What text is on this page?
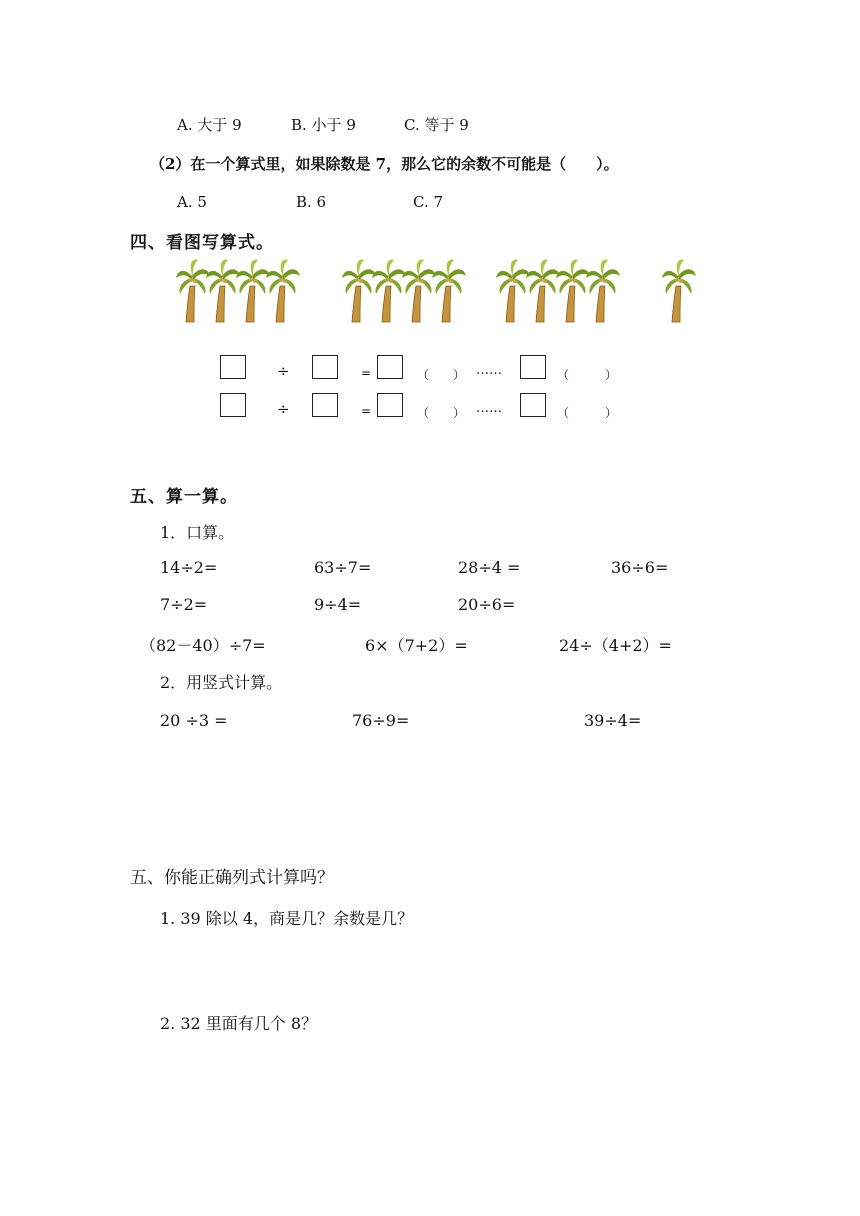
A. 大于 9	B. 小于 9	C. 等于 9
（2）在一个算式里，如果除数是 7，那么它的余数不可能是（　　）。
A. 5	B. 6	C. 7
四、看图写算式。
÷	=	（　　） ……	（　　　）
÷	=	（　　） ……	（　　　）
五、算一算。
1．口算。
14÷2=	63÷7=	28÷4 =	36÷6=
7÷2=	9÷4=	20÷6=
（82－40）÷7=	6×（7+2）=	24÷（4+2）=
2．用竖式计算。
20 ÷3 =	76÷9=	39÷4=
五、你能正确列式计算吗？
1. 39 除以 4，商是几？余数是几？
2. 32 里面有几个 8？
